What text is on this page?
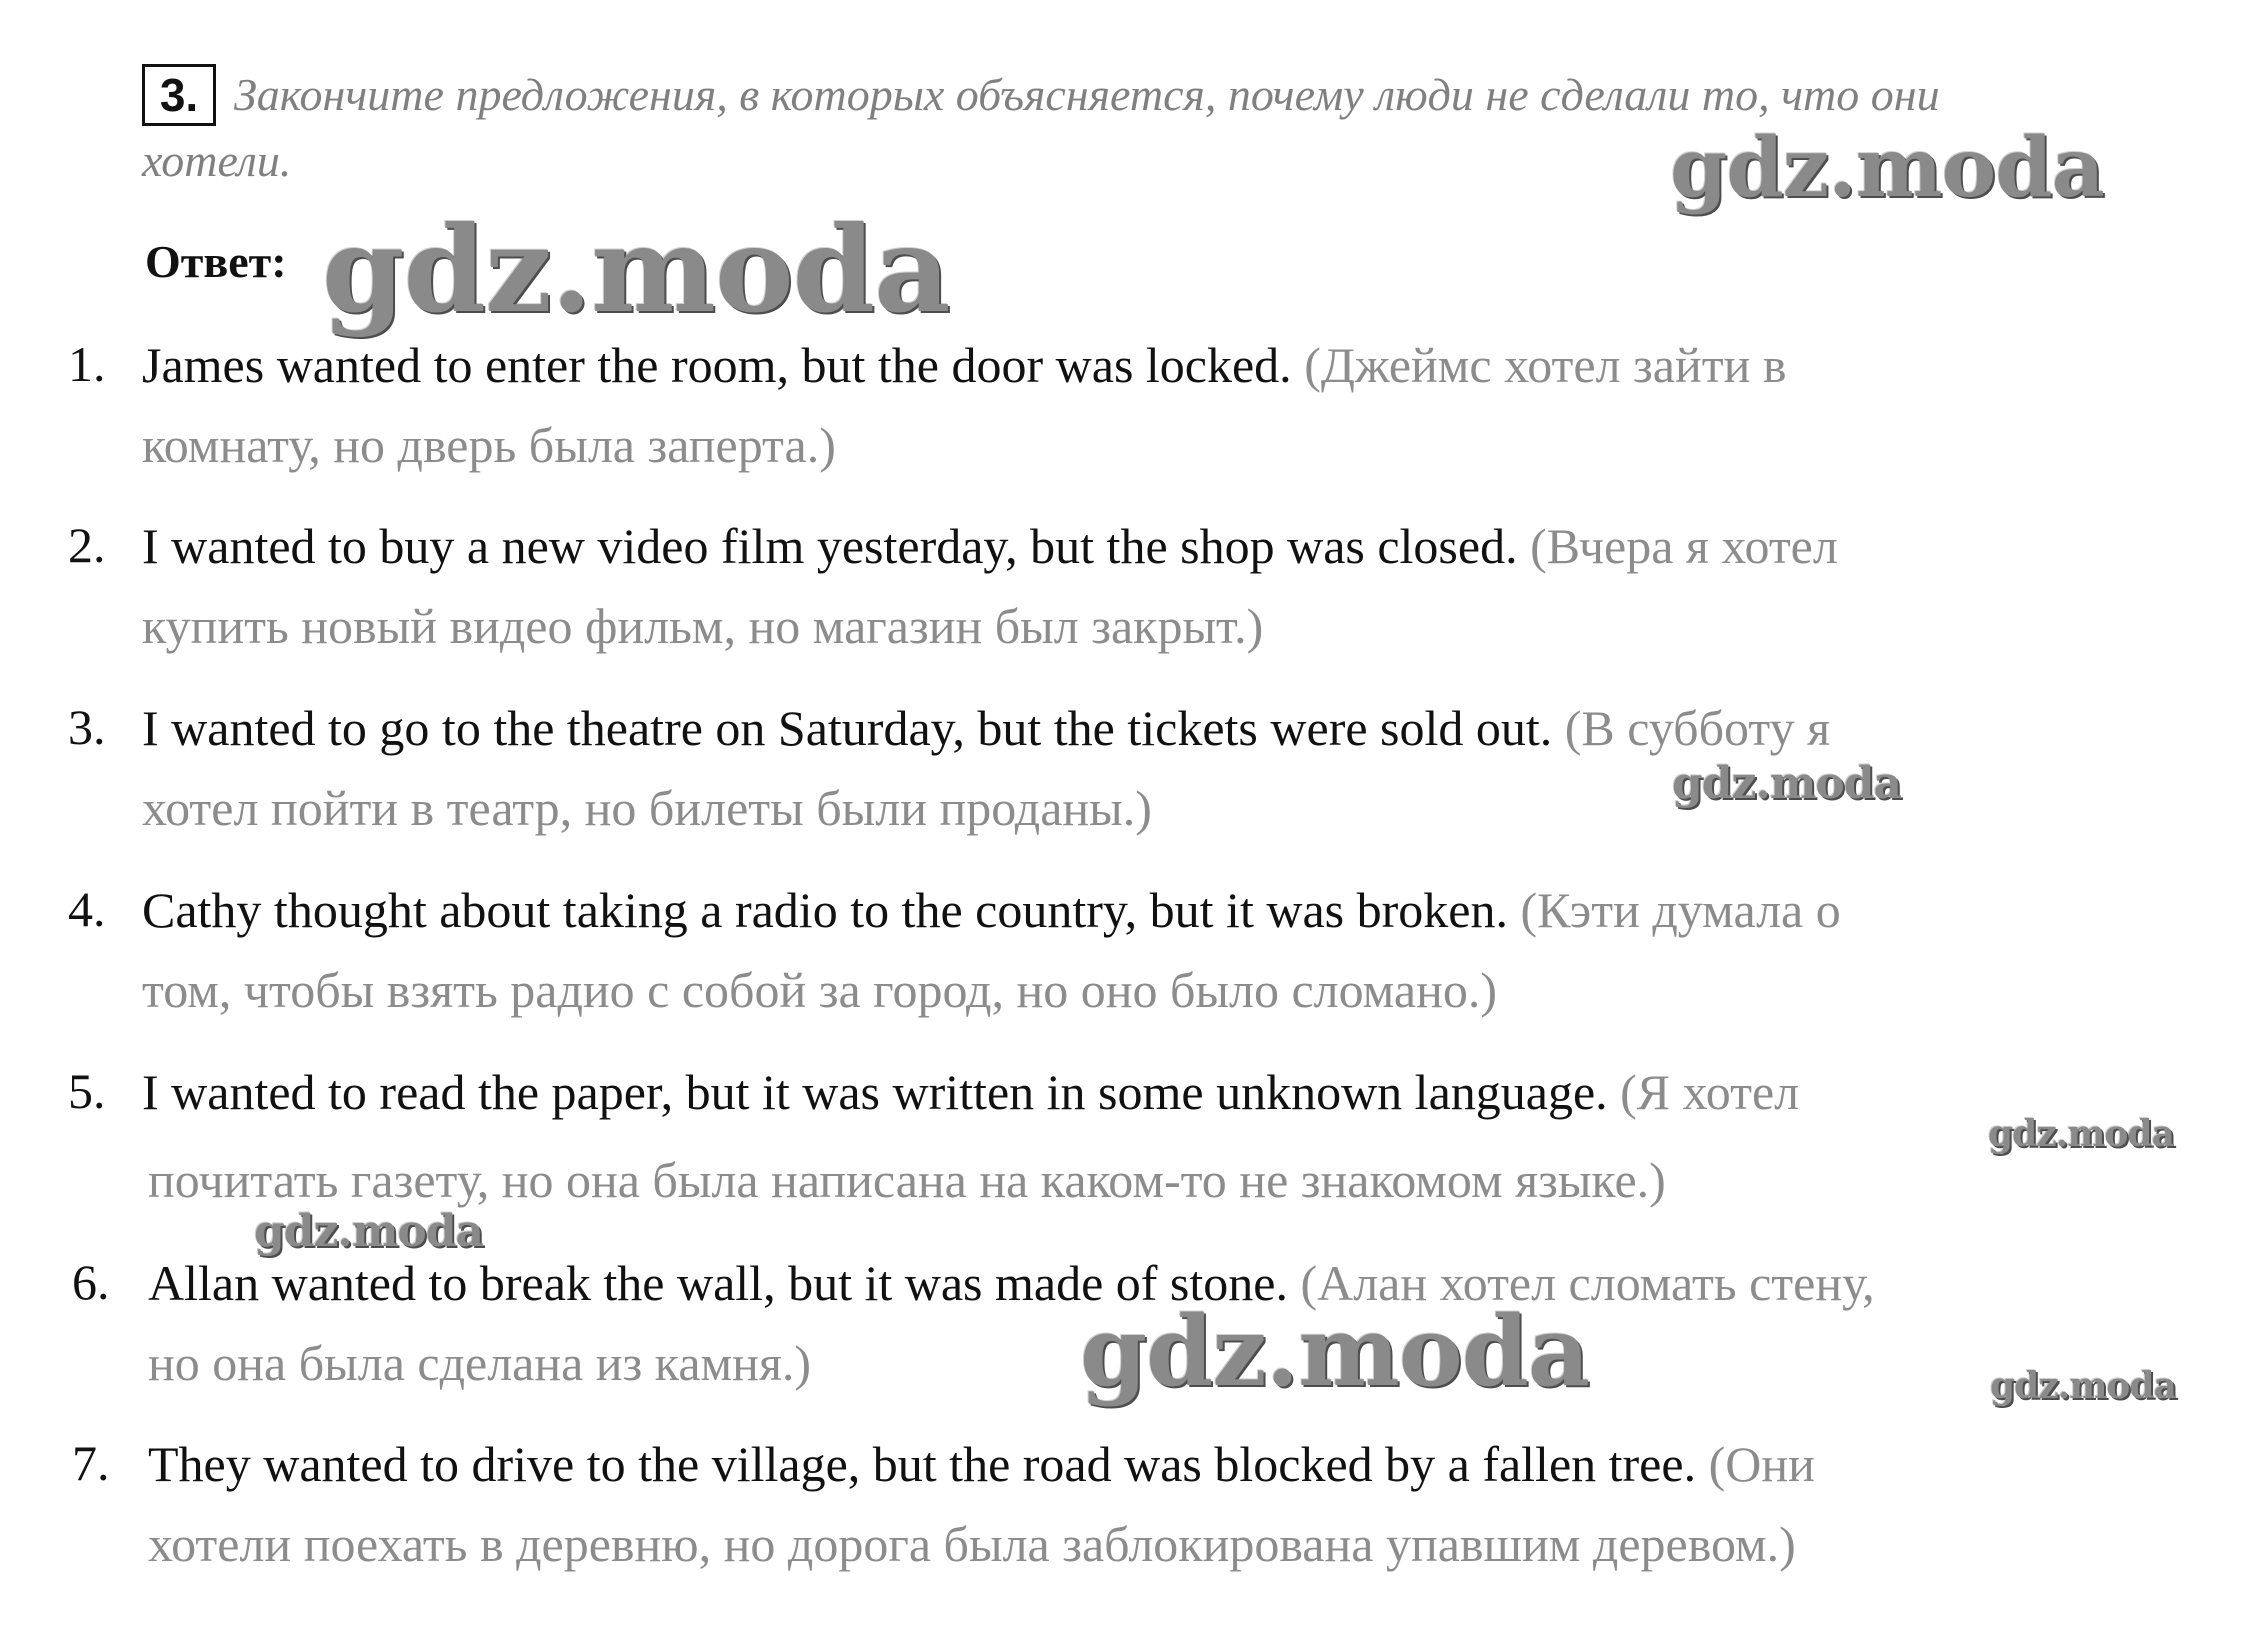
3. Закончите предложения, в которых объясняется, почему люди не сделали то, что они
хотели.
Ответ:
gdz.moda
gdz.moda
gdz.moda
gdz.moda
gdz.moda
gdz.moda	gdz.moda
1. James wanted to enter the room, but the door was locked. (Джеймс хотел зайти в
комнату, но дверь была заперта.)
2. I wanted to buy a new video film yesterday, but the shop was closed. (Вчера я хотел
купить новый видео фильм, но магазин был закрыт.)
3. I wanted to go to the theatre on Saturday, but the tickets were sold out. (В субботу я
хотел пойти в театр, но билеты были проданы.)
4. Cathy thought about taking a radio to the country, but it was broken. (Кэти думала о
том, чтобы взять радио с собой за город, но оно было сломано.)
5. I wanted to read the paper, but it was written in some unknown language. (Я хотел
почитать газету, но она была написана на каком-то не знакомом языке.)
6. Allan wanted to break the wall, but it was made of stone. (Алан хотел сломать стену,
но она была сделана из камня.)
7. They wanted to drive to the village, but the road was blocked by a fallen tree. (Они
хотели поехать в деревню, но дорога была заблокирована упавшим деревом.)
